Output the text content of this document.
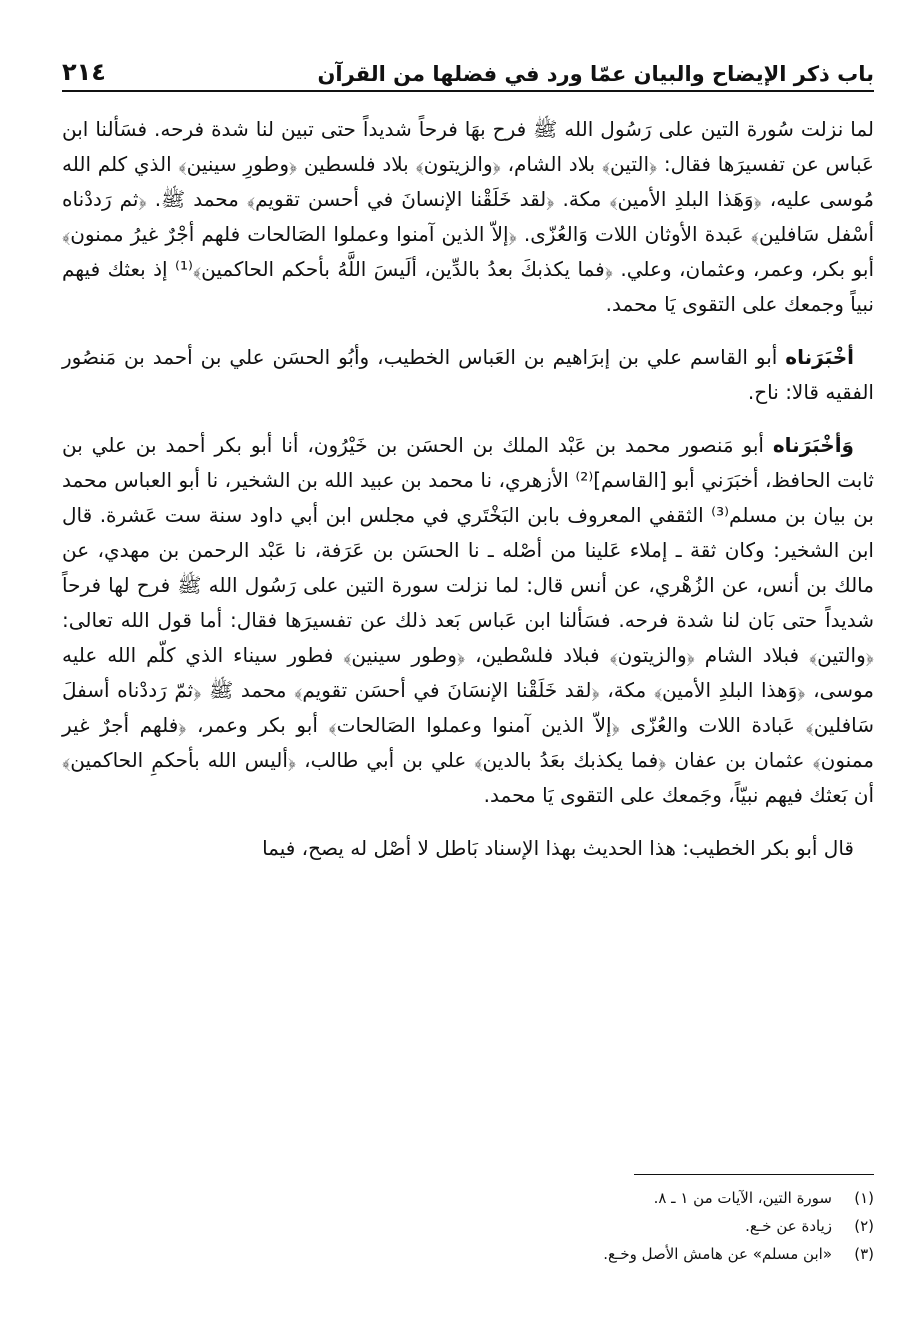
باب ذكر الإيضاح والبيان عمّا ورد في فضلها من القرآن
٢١٤

لما نزلت سُورة التين على رَسُول الله ﷺ فرح بهَا فرحاً شديداً حتى تبين لنا شدة فرحه. فسَألنا ابن عَباس عن تفسيرَها فقال: ﴿التين﴾ بلاد الشام، ﴿والزيتون﴾ بلاد فلسطين ﴿وطورِ سينين﴾ الذي كلم الله مُوسى عليه، ﴿وَهَذا البلدِ الأمين﴾ مكة. ﴿لقد خَلَقْنا الإنسانَ في أحسن تقويم﴾ محمد ﷺ. ﴿ثم رَددْناه أسْفل سَافلين﴾ عَبدة الأوثان اللات وَالعُزّى. ﴿إلاّ الذين آمنوا وعملوا الصَالحات فلهم أجْرٌ غيرُ ممنون﴾ أبو بكر، وعمر، وعثمان، وعلي. ﴿فما يكذبكَ بعدُ بالدِّين، ألَيسَ اللَّهُ بأحكم الحاكمين﴾⁽¹⁾ إذ بعثك فيهم نبياً وجمعك على التقوى يَا محمد.

أخْبَرَناه أبو القاسم علي بن إبرَاهيم بن العَباس الخطيب، وأبُو الحسَن علي بن أحمد بن مَنصُور الفقيه قالا: ناح.

وَأخْبَرَناه أبو مَنصور محمد بن عَبْد الملك بن الحسَن بن خَيْرُون، أنا أبو بكر أحمد بن علي بن ثابت الحافظ، أخبَرَني أبو [القاسم]⁽²⁾ الأزهري، نا محمد بن عبيد الله بن الشخير، نا أبو العباس محمد بن بيان بن مسلم⁽³⁾ الثقفي المعروف بابن البَخْتَري في مجلس ابن أبي داود سنة ست عَشرة. قال ابن الشخير: وكان ثقة ـ إملاء عَلينا من أصْله ـ نا الحسَن بن عَرَفة، نا عَبْد الرحمن بن مهدي، عن مالك بن أنس، عن الزُهْري، عن أنس قال: لما نزلت سورة التين على رَسُول الله ﷺ فرح لها فرحاً شديداً حتى بَان لنا شدة فرحه. فسَألنا ابن عَباس بَعد ذلك عن تفسيرَها فقال: أما قول الله تعالى: ﴿والتين﴾ فبلاد الشام ﴿والزيتون﴾ فبلاد فلسْطين، ﴿وطور سينين﴾ فطور سيناء الذي كلّم الله عليه موسى، ﴿وَهذا البلدِ الأمين﴾ مكة، ﴿لقد خَلَقْنا الإنسَانَ في أحسَن تقويم﴾ محمد ﷺ ﴿ثمّ رَددْناه أسفلَ سَافلين﴾ عَبادة اللات والعُزّى ﴿إلاّ الذين آمنوا وعملوا الصَالحات﴾ أبو بكر وعمر، ﴿فلهم أجرٌ غير ممنون﴾ عثمان بن عفان ﴿فما يكذبك بعَدُ بالدين﴾ علي بن أبي طالب، ﴿أليس الله بأحكمِ الحاكمين﴾ أن بَعثك فيهم نبيّاً، وجَمعك على التقوى يَا محمد.

قال أبو بكر الخطيب: هذا الحديث بهذا الإسناد بَاطل لا أصْل له يصح، فيما

(١)
سورة التين، الآيات من ١ ـ ٨.
(٢)
زيادة عن خـع.
(٣)
«ابن مسلم» عن هامش الأصل وخـع.
